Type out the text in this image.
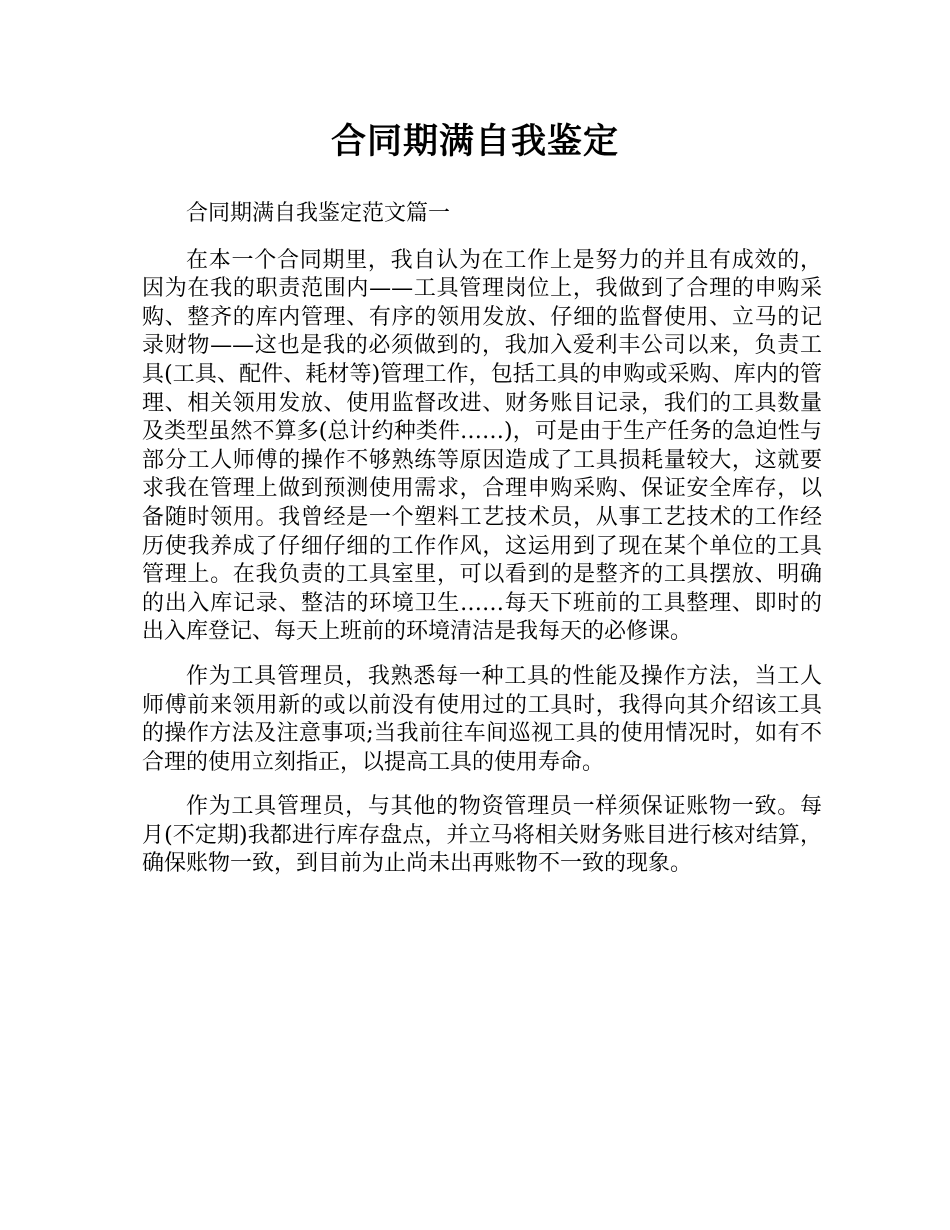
合同期满自我鉴定

合同期满自我鉴定范文篇一

在本一个合同期里，我自认为在工作上是努力的并且有成效的，因为在我的职责范围内——工具管理岗位上，我做到了合理的申购采购、整齐的库内管理、有序的领用发放、仔细的监督使用、立马的记录财物——这也是我的必须做到的，我加入爱利丰公司以来，负责工具(工具、配件、耗材等)管理工作，包括工具的申购或采购、库内的管理、相关领用发放、使用监督改进、财务账目记录，我们的工具数量及类型虽然不算多(总计约种类件……)，可是由于生产任务的急迫性与部分工人师傅的操作不够熟练等原因造成了工具损耗量较大，这就要求我在管理上做到预测使用需求，合理申购采购、保证安全库存，以备随时领用。我曾经是一个塑料工艺技术员，从事工艺技术的工作经历使我养成了仔细仔细的工作作风，这运用到了现在某个单位的工具管理上。在我负责的工具室里，可以看到的是整齐的工具摆放、明确的出入库记录、整洁的环境卫生……每天下班前的工具整理、即时的出入库登记、每天上班前的环境清洁是我每天的必修课。

作为工具管理员，我熟悉每一种工具的性能及操作方法，当工人师傅前来领用新的或以前没有使用过的工具时，我得向其介绍该工具的操作方法及注意事项;当我前往车间巡视工具的使用情况时，如有不合理的使用立刻指正，以提高工具的使用寿命。

作为工具管理员，与其他的物资管理员一样须保证账物一致。每月(不定期)我都进行库存盘点，并立马将相关财务账目进行核对结算，确保账物一致，到目前为止尚未出再账物不一致的现象。
